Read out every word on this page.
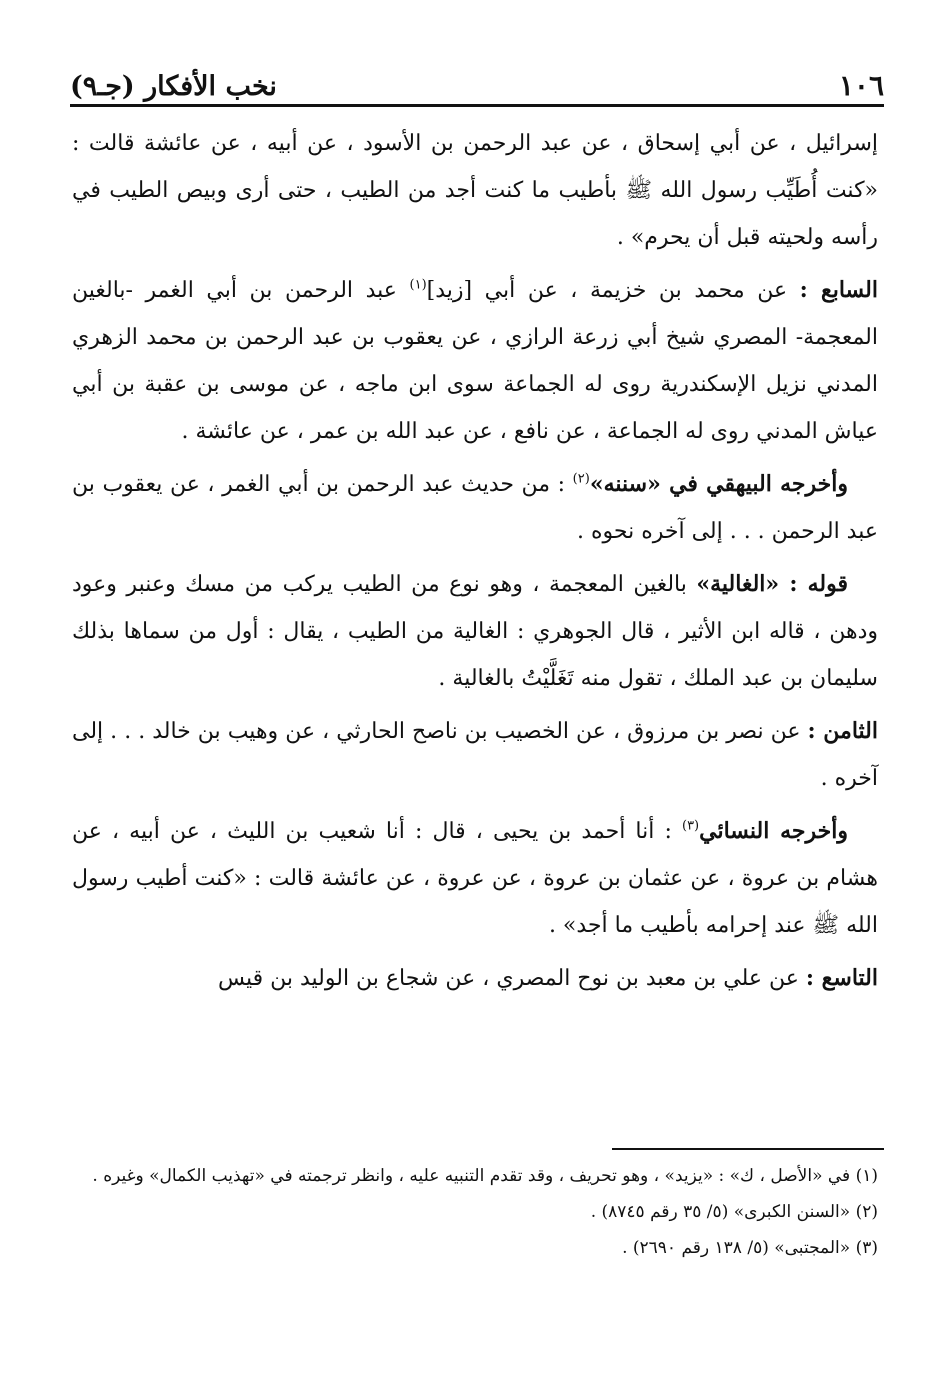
١٠٦
نخب الأفكار (جـ٩)

إسرائيل ، عن أبي إسحاق ، عن عبد الرحمن بن الأسود ، عن أبيه ، عن عائشة قالت : «كنت أُطَيِّب رسول الله ﷺ بأطيب ما كنت أجد من الطيب ، حتى أرى وبيص الطيب في رأسه ولحيته قبل أن يحرم» .

السابع : عن محمد بن خزيمة ، عن أبي [زيد]$^{(١)}$ عبد الرحمن بن أبي الغمر -بالغين المعجمة- المصري شيخ أبي زرعة الرازي ، عن يعقوب بن عبد الرحمن بن محمد الزهري المدني نزيل الإسكندرية روى له الجماعة سوى ابن ماجه ، عن موسى بن عقبة بن أبي عياش المدني روى له الجماعة ، عن نافع ، عن عبد الله بن عمر ، عن عائشة .

وأخرجه البيهقي في «سننه»$^{(٢)}$ : من حديث عبد الرحمن بن أبي الغمر ، عن يعقوب بن عبد الرحمن . . . إلى آخره نحوه .

قوله : «الغالية» بالغين المعجمة ، وهو نوع من الطيب يركب من مسك وعنبر وعود ودهن ، قاله ابن الأثير ، قال الجوهري : الغالية من الطيب ، يقال : أول من سماها بذلك سليمان بن عبد الملك ، تقول منه تَغَلَّيْتُ بالغالية .

الثامن : عن نصر بن مرزوق ، عن الخصيب بن ناصح الحارثي ، عن وهيب بن خالد . . . إلى آخره .

وأخرجه النسائي$^{(٣)}$ : أنا أحمد بن يحيى ، قال : أنا شعيب بن الليث ، عن أبيه ، عن هشام بن عروة ، عن عثمان بن عروة ، عن عروة ، عن عائشة قالت : «كنت أطيب رسول الله ﷺ عند إحرامه بأطيب ما أجد» .

التاسع : عن علي بن معبد بن نوح المصري ، عن شجاع بن الوليد بن قيس

(١) في «الأصل ، ك» : «يزيد» ، وهو تحريف ، وقد تقدم التنبيه عليه ، وانظر ترجمته في «تهذيب الكمال» وغيره .

(٢) «السنن الكبرى» (٥/ ٣٥ رقم ٨٧٤٥) .

(٣) «المجتبى» (٥/ ١٣٨ رقم ٢٦٩٠) .
